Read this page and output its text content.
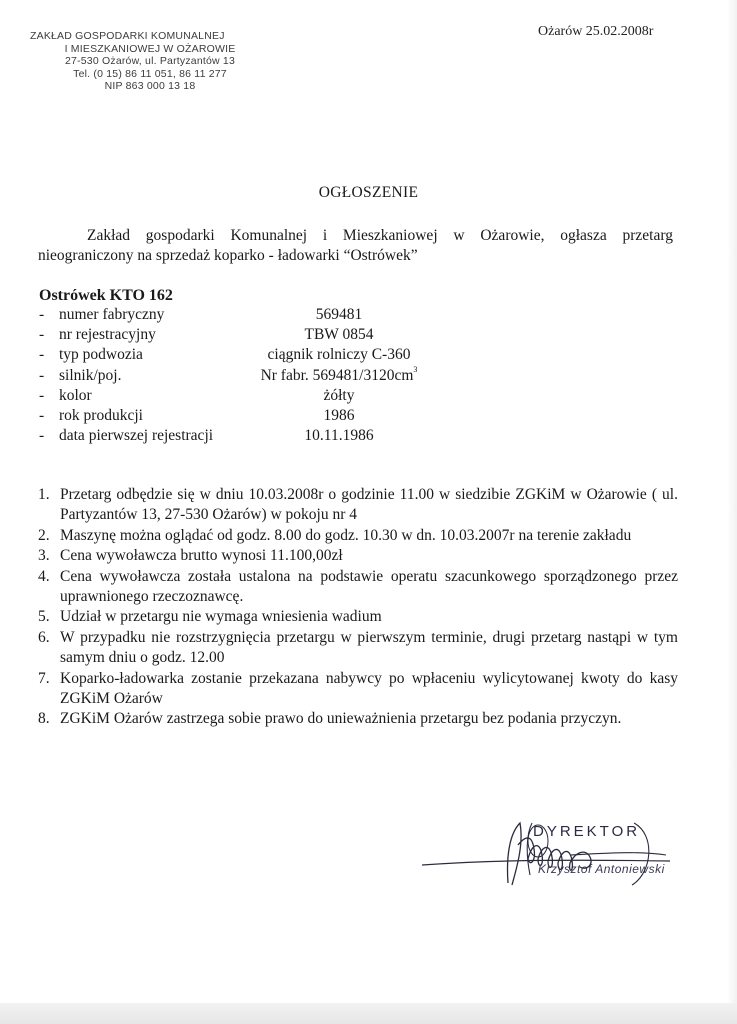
ZAKŁAD GOSPODARKI KOMUNALNEJ
I MIESZKANIOWEJ W OŻAROWIE
27-530 Ożarów, ul. Partyzantów 13
Tel. (0 15) 86 11 051, 86 11 277
NIP 863 000 13 18
Ożarów 25.02.2008r
OGŁOSZENIE
Zakład gospodarki Komunalnej i Mieszkaniowej w Ożarowie, ogłasza przetarg
nieograniczony na sprzedaż koparko - ładowarki “Ostrówek”
Ostrówek KTO 162
- numer fabryczny	569481
- nr rejestracyjny	TBW 0854
- typ podwozia	ciągnik rolniczy C-360
- silnik/poj.	Nr fabr. $569481/3120cm^3$
- kolor	żółty
- rok produkcji	1986
- data pierwszej rejestracji	10.11.1986
1. Przetarg odbędzie się w dniu 10.03.2008r o godzinie 11.00 w siedzibie ZGKiM w Ożarowie ( ul. Partyzantów 13, 27-530 Ożarów) w pokoju nr 4
2. Maszynę można oglądać od godz. 8.00 do godz. 10.30 w dn. 10.03.2007r na terenie zakładu
3. Cena wywoławcza brutto wynosi 11.100,00zł
4. Cena wywoławcza została ustalona na podstawie operatu szacunkowego sporządzonego przez uprawnionego rzeczoznawcę.
5. Udział w przetargu nie wymaga wniesienia wadium
6. W przypadku nie rozstrzygnięcia przetargu w pierwszym terminie, drugi przetarg nastąpi w tym samym dniu o godz. 12.00
7. Koparko-ładowarka zostanie przekazana nabywcy po wpłaceniu wylicytowanej kwoty do kasy ZGKiM Ożarów
8. ZGKiM Ożarów zastrzega sobie prawo do unieważnienia przetargu bez podania przyczyn.
DYREKTOR
Krzysztof Antoniewski
